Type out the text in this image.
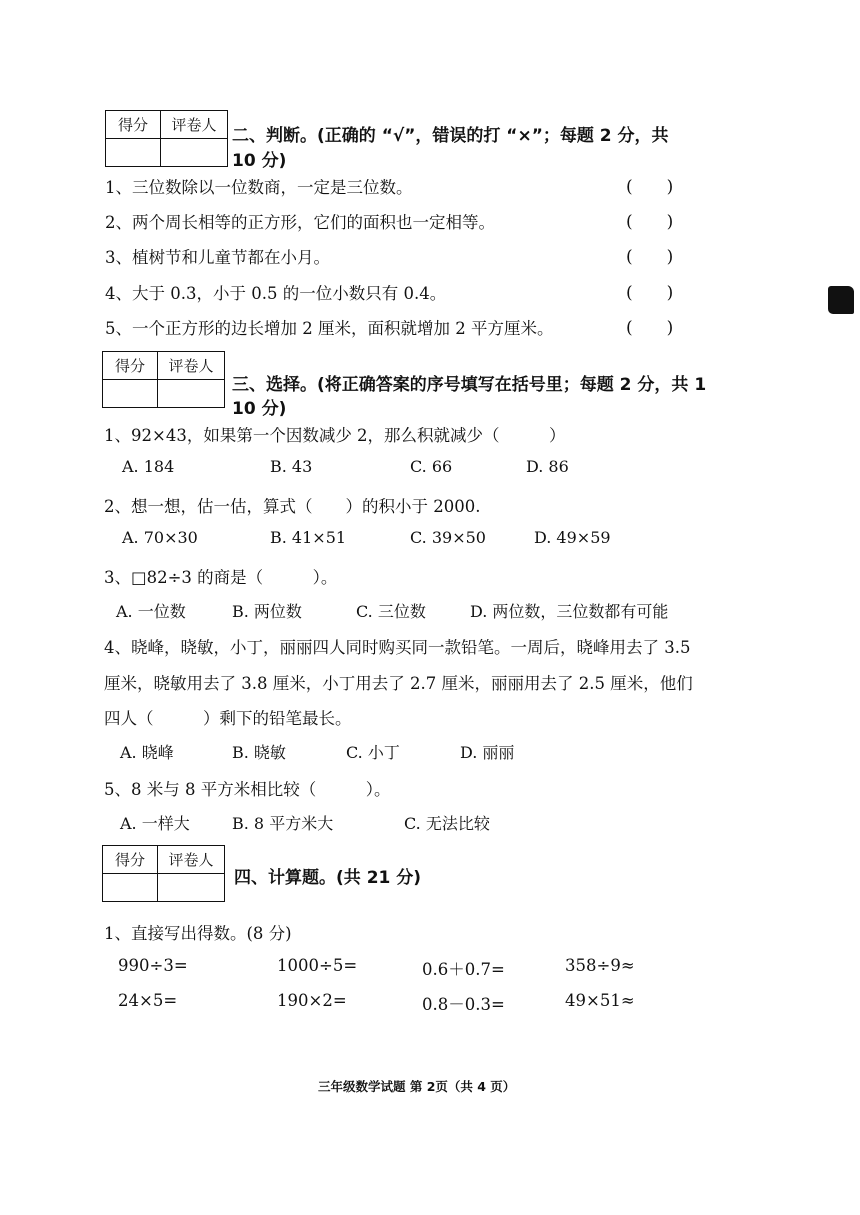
得分	评卷人

二、判断。(正确的 “√”，错误的打 “×”；每题 2 分，共
10 分)
1、三位数除以一位数商，一定是三位数。	(　　)
2、两个周长相等的正方形，它们的面积也一定相等。	(　　)
3、植树节和儿童节都在小月。	(　　)
4、大于 0.3，小于 0.5 的一位小数只有 0.4。	(　　)
5、一个正方形的边长增加 2 厘米，面积就增加 2 平方厘米。	(　　)
得分	评卷人

三、选择。(将正确答案的序号填写在括号里；每题 2 分，共 1
10 分)
1、92×43，如果第一个因数减少 2，那么积就减少（　　　）
A. 184	B. 43	C. 66	D. 86
2、想一想，估一估，算式（　　）的积小于 2000.
A. 70×30	B. 41×51	C. 39×50	D. 49×59
3、□82÷3 的商是（　　　）。
A. 一位数	B. 两位数	C. 三位数	D. 两位数，三位数都有可能
4、晓峰，晓敏，小丁，丽丽四人同时购买同一款铅笔。一周后，晓峰用去了 3.5
厘米，晓敏用去了 3.8 厘米，小丁用去了 2.7 厘米，丽丽用去了 2.5 厘米，他们
四人（　　　）剩下的铅笔最长。
A. 晓峰	B. 晓敏	C. 小丁	D. 丽丽
5、8 米与 8 平方米相比较（　　　）。
A. 一样大	B. 8 平方米大	C. 无法比较
得分	评卷人

四、计算题。(共 21 分)
1、直接写出得数。(8 分)
990÷3=	1000÷5=	0.6＋0.7=	358÷9≈
24×5=	190×2=	0.8－0.3=	49×51≈
三年级数学试题 第 2页（共 4 页）
